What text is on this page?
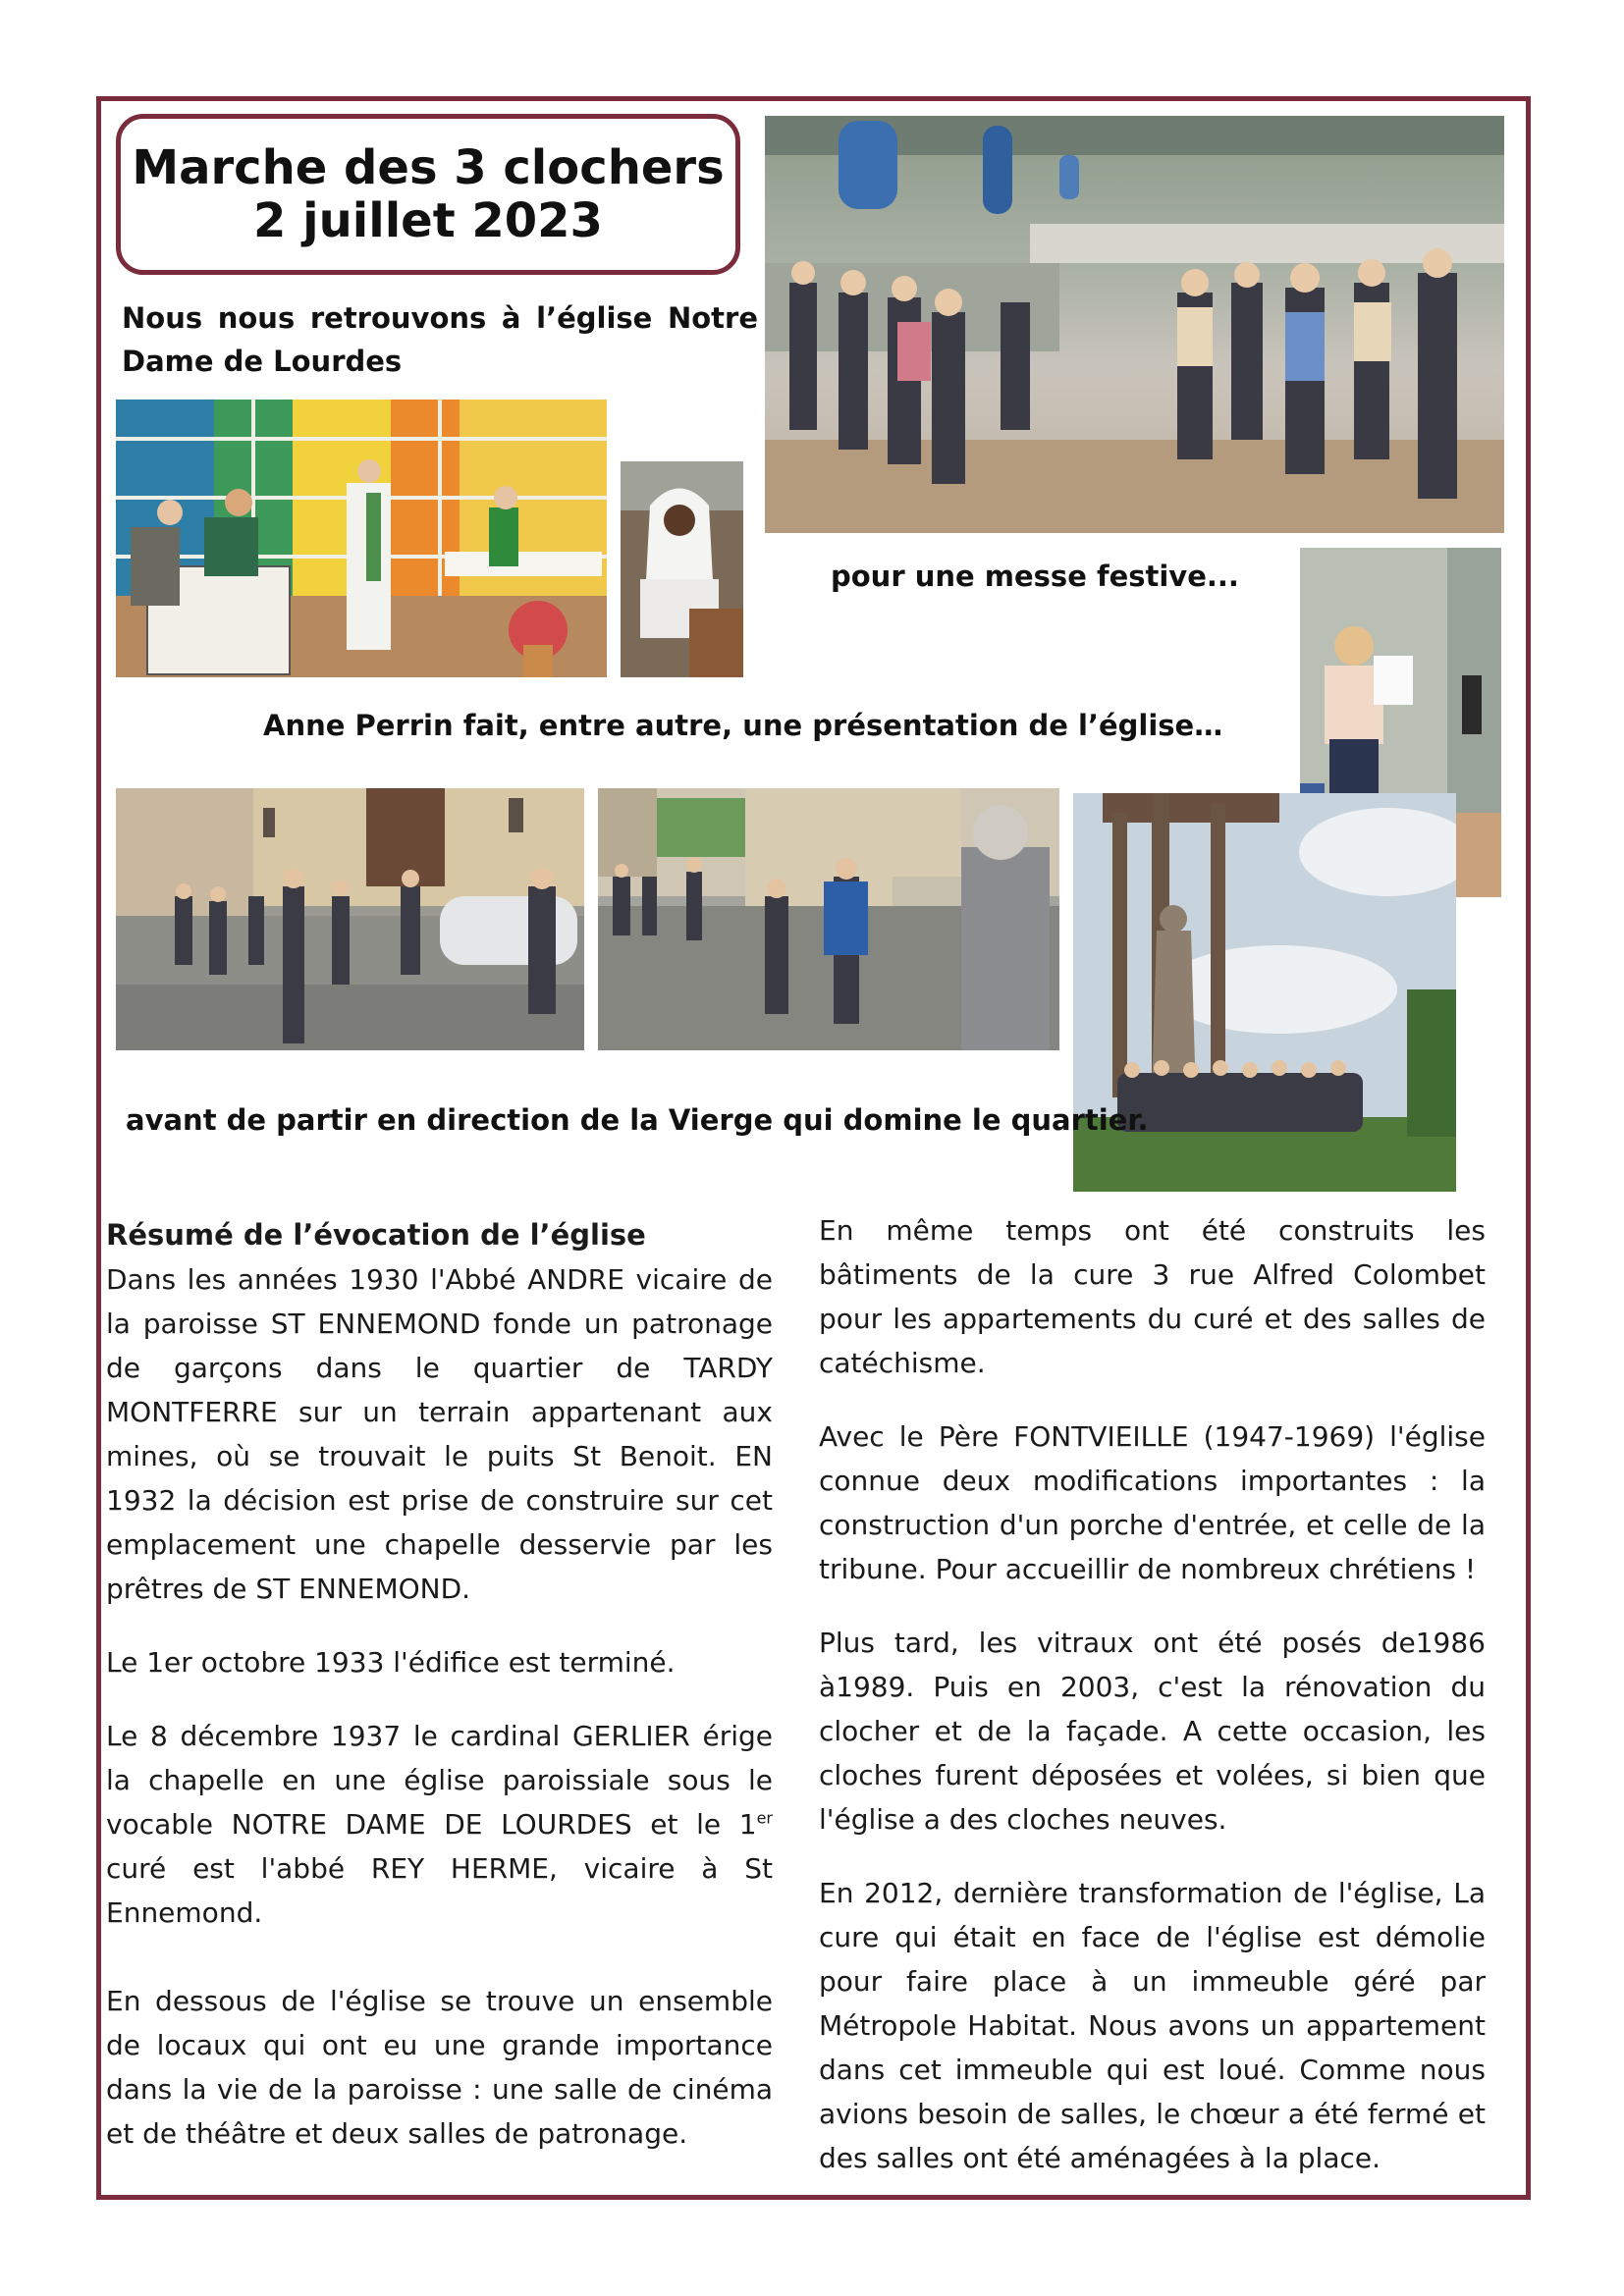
Marche des 3 clochers
2 juillet 2023
Nous nous retrouvons à l’église Notre Dame de Lourdes
pour une messe festive...
Anne Perrin fait, entre autre, une présentation de l’église…
avant de partir en direction de la Vierge qui domine le quartier.
Résumé de l’évocation de l’église

Dans les années 1930 l'Abbé ANDRE vicaire de la paroisse ST ENNEMOND fonde un patronage de garçons dans le quartier de TARDY MONTFERRE sur un terrain appartenant aux mines, où se trouvait le puits St Benoit. EN 1932 la décision est prise de construire sur cet emplacement une chapelle desservie par les prêtres de ST ENNEMOND.

Le 1er octobre 1933 l'édifice est terminé.

Le 8 décembre 1937 le cardinal GERLIER érige la chapelle en une église paroissiale sous le vocable NOTRE DAME DE LOURDES et le 1er curé est l'abbé REY HERME, vicaire à St Ennemond.

En dessous de l'église se trouve un ensemble de locaux qui ont eu une grande importance dans la vie de la paroisse : une salle de cinéma et de théâtre et deux salles de patronage.

En même temps ont été construits les bâtiments de la cure 3 rue Alfred Colombet pour les appartements du curé et des salles de catéchisme.

Avec le Père FONTVIEILLE (1947-1969) l'église connue deux modifications importantes : la construction d'un porche d'entrée, et celle de la tribune. Pour accueillir de nombreux chrétiens !

Plus tard, les vitraux ont été posés de1986 à1989. Puis en 2003, c'est la rénovation du clocher et de la façade. A cette occasion, les cloches furent déposées et volées, si bien que l'église a des cloches neuves.

En 2012, dernière transformation de l'église, La cure qui était en face de l'église est démolie pour faire place à un immeuble géré par Métropole Habitat. Nous avons un appartement dans cet immeuble qui est loué. Comme nous avions besoin de salles, le chœur a été fermé et des salles ont été aménagées à la place.
